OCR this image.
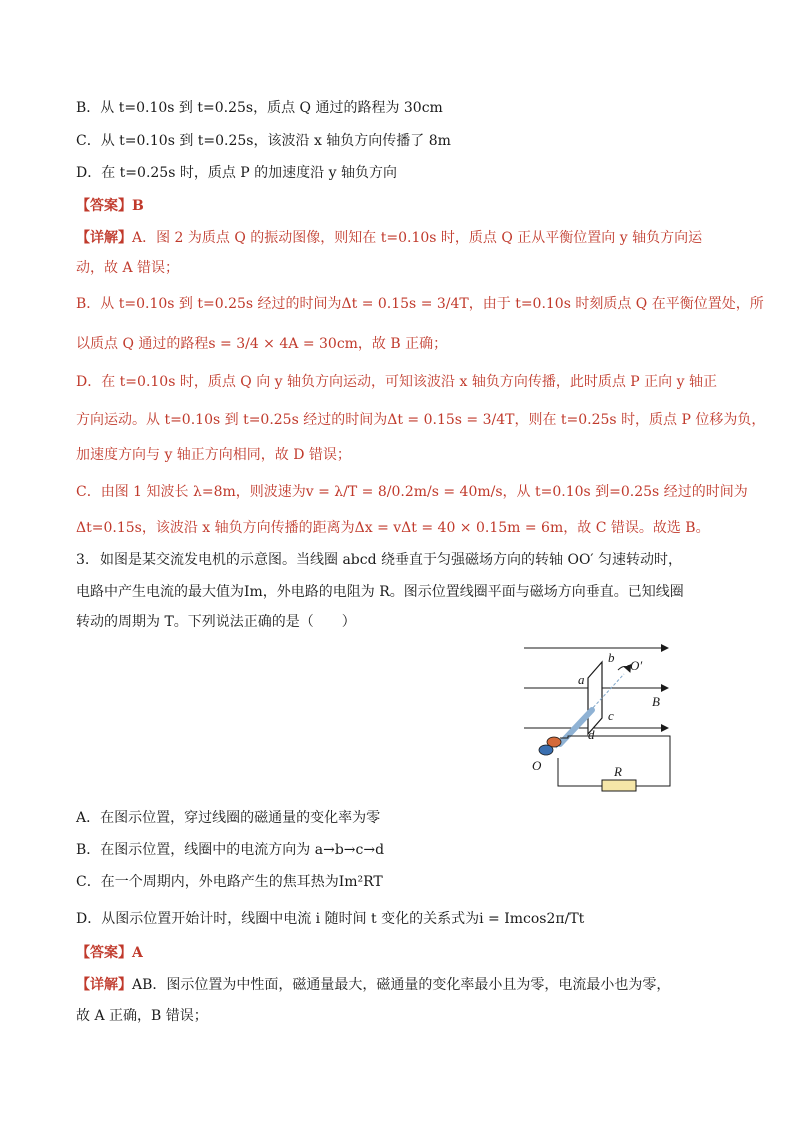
B．从 t=0.10s 到 t=0.25s，质点 Q 通过的路程为 30cm
C．从 t=0.10s 到 t=0.25s，该波沿 x 轴负方向传播了 8m
D．在 t=0.25s 时，质点 P 的加速度沿 y 轴负方向
【答案】B
【详解】A．图 2 为质点 Q 的振动图像，则知在 t=0.10s 时，质点 Q 正从平衡位置向 y 轴负方向运
动，故 A 错误；
B．从 t=0.10s 到 t=0.25s 经过的时间为Δt = 0.15s = 3/4T，由于 t=0.10s 时刻质点 Q 在平衡位置处，所
以质点 Q 通过的路程s = 3/4 × 4A = 30cm，故 B 正确；
D．在 t=0.10s 时，质点 Q 向 y 轴负方向运动，可知该波沿 x 轴负方向传播，此时质点 P 正向 y 轴正
方向运动。从 t=0.10s 到 t=0.25s 经过的时间为Δt = 0.15s = 3/4T，则在 t=0.25s 时，质点 P 位移为负，
加速度方向与 y 轴正方向相同，故 D 错误；
C．由图 1 知波长 λ=8m，则波速为v = λ/T = 8/0.2m/s = 40m/s，从 t=0.10s 到=0.25s 经过的时间为
Δt=0.15s，该波沿 x 轴负方向传播的距离为Δx = vΔt = 40 × 0.15m = 6m，故 C 错误。故选 B。
3. 如图是某交流发电机的示意图。当线圈 abcd 绕垂直于匀强磁场方向的转轴 OO′ 匀速转动时，
电路中产生电流的最大值为Im，外电路的电阻为 R。图示位置线圈平面与磁场方向垂直。已知线圈
转动的周期为 T。下列说法正确的是（　　）
b
a
c
d
B
O
O′
R
A．在图示位置，穿过线圈的磁通量的变化率为零
B．在图示位置，线圈中的电流方向为 a→b→c→d
C．在一个周期内，外电路产生的焦耳热为Im²RT
D．从图示位置开始计时，线圈中电流 i 随时间 t 变化的关系式为i = Imcos2π/Tt
【答案】A
【详解】AB．图示位置为中性面，磁通量最大，磁通量的变化率最小且为零，电流最小也为零，
故 A 正确，B 错误；
